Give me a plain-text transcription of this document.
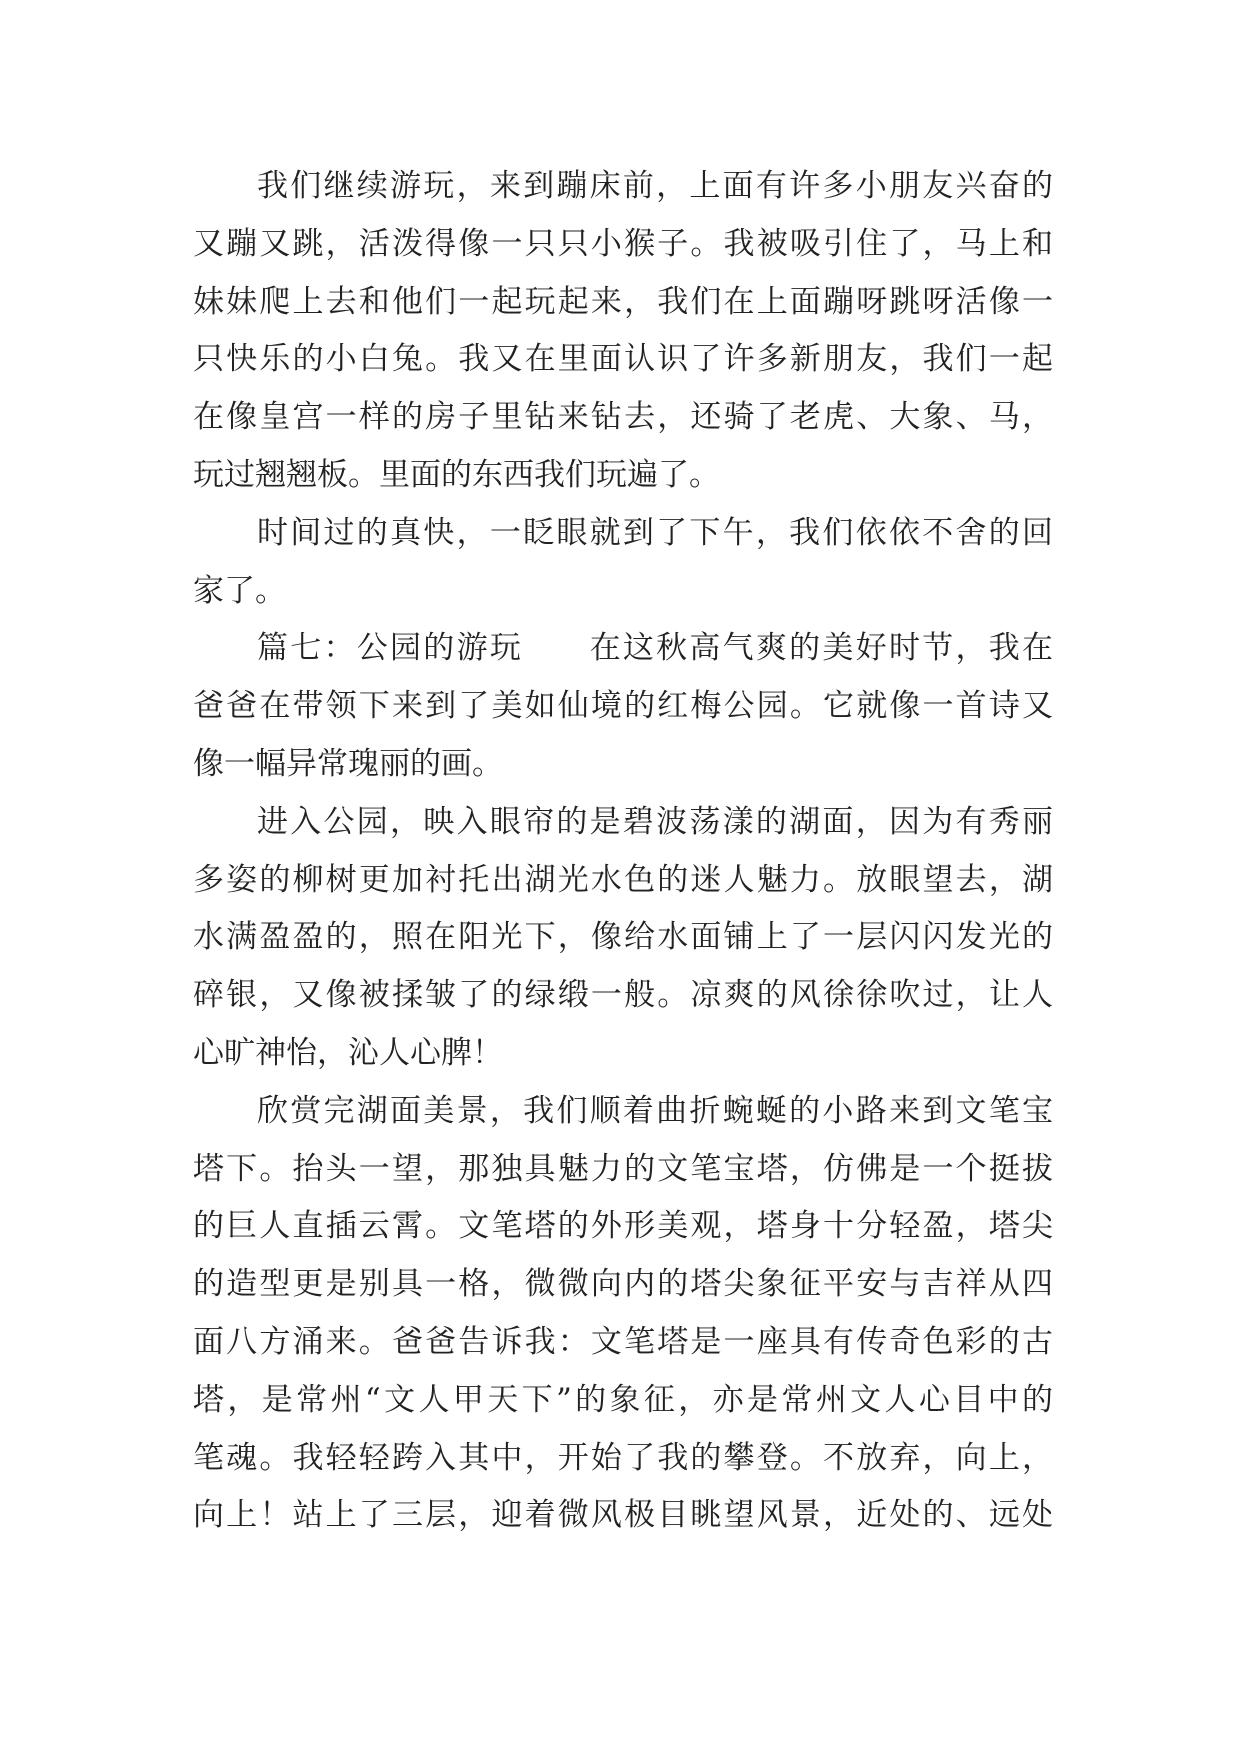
我们继续游玩，来到蹦床前，上面有许多小朋友兴奋的
又蹦又跳，活泼得像一只只小猴子。我被吸引住了，马上和
妹妹爬上去和他们一起玩起来，我们在上面蹦呀跳呀活像一
只快乐的小白兔。我又在里面认识了许多新朋友，我们一起
在像皇宫一样的房子里钻来钻去，还骑了老虎、大象、马，
玩过翘翘板。里面的东西我们玩遍了。
时间过的真快，一眨眼就到了下午，我们依依不舍的回
家了。
篇七：公园的游玩　　在这秋高气爽的美好时节，我在
爸爸在带领下来到了美如仙境的红梅公园。它就像一首诗又
像一幅异常瑰丽的画。
进入公园，映入眼帘的是碧波荡漾的湖面，因为有秀丽
多姿的柳树更加衬托出湖光水色的迷人魅力。放眼望去，湖
水满盈盈的，照在阳光下，像给水面铺上了一层闪闪发光的
碎银，又像被揉皱了的绿缎一般。凉爽的风徐徐吹过，让人
心旷神怡，沁人心脾！
欣赏完湖面美景，我们顺着曲折蜿蜒的小路来到文笔宝
塔下。抬头一望，那独具魅力的文笔宝塔，仿佛是一个挺拔
的巨人直插云霄。文笔塔的外形美观，塔身十分轻盈，塔尖
的造型更是别具一格，微微向内的塔尖象征平安与吉祥从四
面八方涌来。爸爸告诉我：文笔塔是一座具有传奇色彩的古
塔，是常州“文人甲天下”的象征，亦是常州文人心目中的
笔魂。我轻轻跨入其中，开始了我的攀登。不放弃，向上，
向上！站上了三层，迎着微风极目眺望风景，近处的、远处
